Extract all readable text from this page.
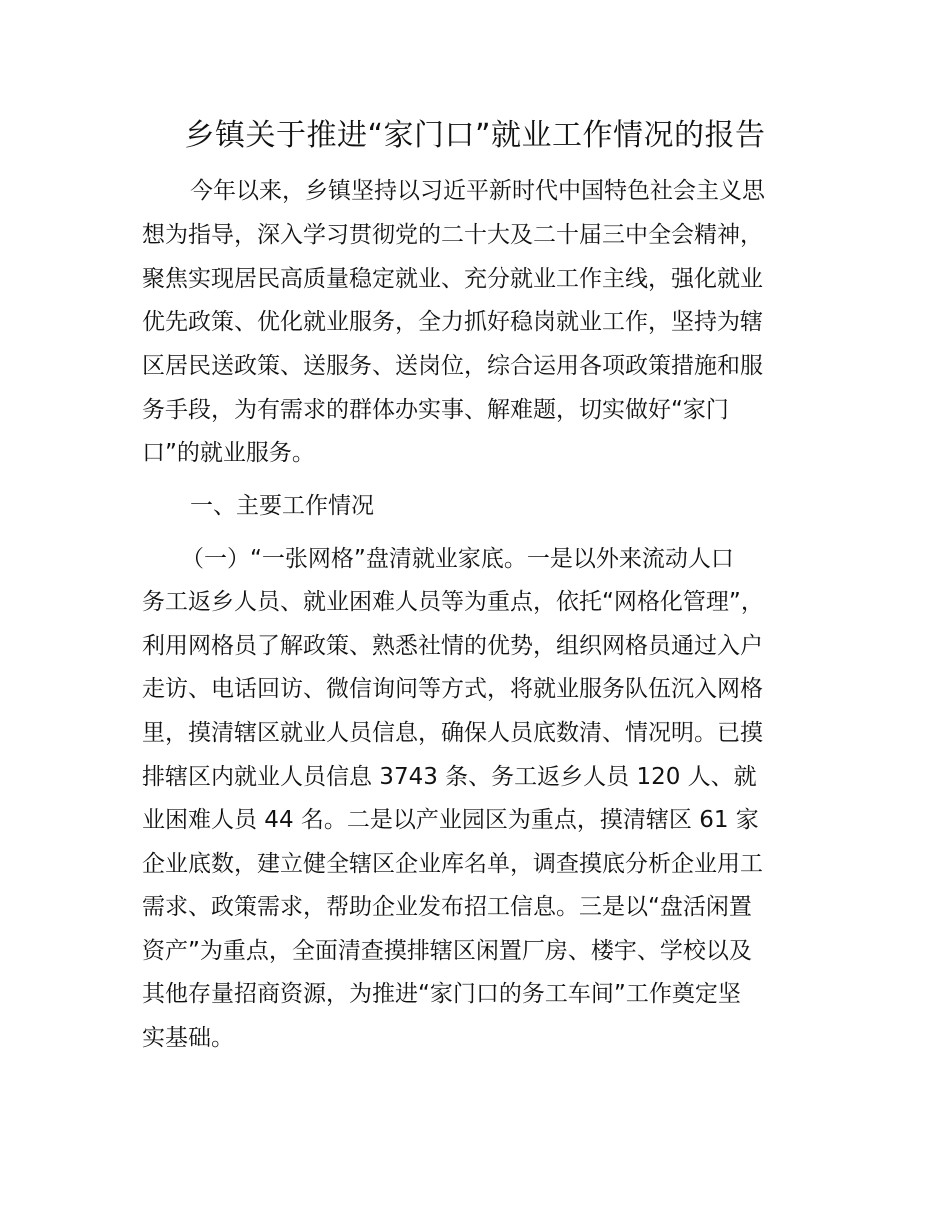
乡镇关于推进“家门口”就业工作情况的报告
今年以来，乡镇坚持以习近平新时代中国特色社会主义思
想为指导，深入学习贯彻党的二十大及二十届三中全会精神，
聚焦实现居民高质量稳定就业、充分就业工作主线，强化就业
优先政策、优化就业服务，全力抓好稳岗就业工作，坚持为辖
区居民送政策、送服务、送岗位，综合运用各项政策措施和服
务手段，为有需求的群体办实事、解难题，切实做好“家门
口”的就业服务。
一、主要工作情况
（一）“一张网格”盘清就业家底。一是以外来流动人口
务工返乡人员、就业困难人员等为重点，依托“网格化管理”，
利用网格员了解政策、熟悉社情的优势，组织网格员通过入户
走访、电话回访、微信询问等方式，将就业服务队伍沉入网格
里，摸清辖区就业人员信息，确保人员底数清、情况明。已摸
排辖区内就业人员信息 3743 条、务工返乡人员 120 人、就
业困难人员 44 名。二是以产业园区为重点，摸清辖区 61 家
企业底数，建立健全辖区企业库名单，调查摸底分析企业用工
需求、政策需求，帮助企业发布招工信息。三是以“盘活闲置
资产”为重点，全面清查摸排辖区闲置厂房、楼宇、学校以及
其他存量招商资源，为推进“家门口的务工车间”工作奠定坚
实基础。
